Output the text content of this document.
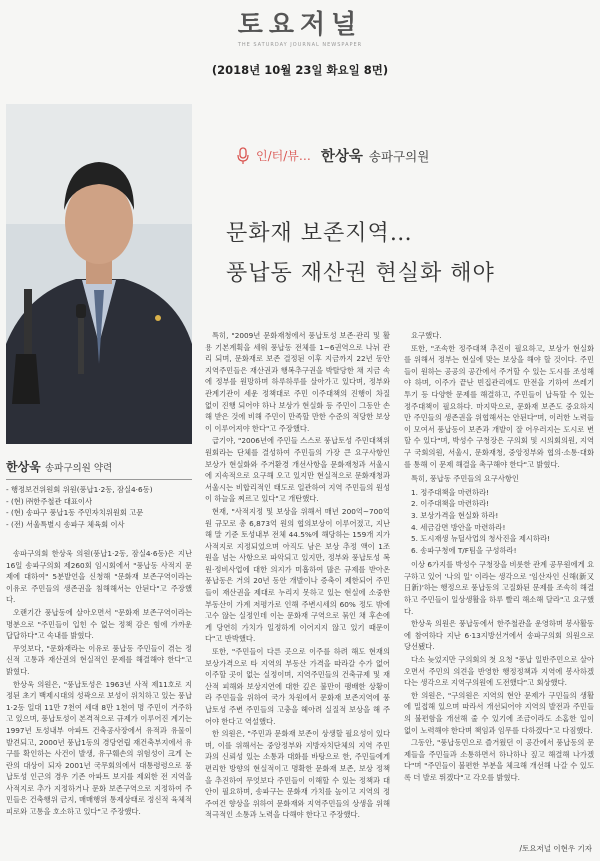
토요저널
THE SATURDAY JOURNAL NEWSPAPER
(2018년 10월 23일 화요일 8면)
인/터/뷰… 한상욱 송파구의원
문화재 보존지역…
풍납동 재산권 현실화 해야
한상욱 송파구의원 약력
- 행정보건위원회 위원(풍납1·2동, 잠실4·6동)
- (현) ㈜한주철관 대표이사
- (현) 송파구 풍납1동 주민자치위원회 고문
- (전) 서울특별시 송파구 체육회 이사

송파구의회 한상욱 의원(풍납1·2동, 잠실4·6동)은 지난 16일 송파구의회 제260회 임시회에서 "풍납동 사적지 문제에 대하여" 5분발언을 신청해 "문화재 보존구역이라는 이유로 주민들의 생존권을 침해해서는 안된다"고 주장했다.

오랜기간 풍납동에 살아오면서 "문화재 보존구역이라는 명분으로 "주민들이 입힌 수 없는 정책 감은 힘에 가까운 답답하다"고 속내를 밝혔다.

무엇보다, "문화재라는 이유로 풍납동 주민들이 겪는 정신적 고통과 재산권의 현실적인 문제를 해결해야 한다"고 밝혔다.

한상욱 의원은, "풍납토성은 1963년 사적 제11호로 지정된 초기 백제시대의 성곽으로 보성이 위치하고 있는 풍납1·2동 일대 11만 7천여 세대 8만 1천여 명 주민이 거주하고 있으며, 풍납토성이 본격적으로 규제가 이루어진 계기는 1997년 토성내부 아파트 건축공사장에서 유적과 유물이 발견되고, 2000년 풍납1동의 경당연립 재건축부지에서 유구를 확인하는 사건이 발생, 유구훼손의 위험성이 크게 논란의 대상이 되자 2001년 국무회의에서 대통령령으로 풍납토성 인근의 경우 기존 아파트 보지를 제외한 전 지역을 사적지로 추가 지정하거나 문화 보존구역으로 지정하여 주민들은 건축행위 금지, 매매행위 통제상태로 정신적 육체적 피로와 고통을 호소하고 있다"고 주장했다.

특히, "2009년 문화재청에서 풍납토성 보존·관리 및 활용 기본계획을 세워 풍납동 전체를 1~6권역으로 나뉘 관리 되며, 문화재로 보존 결정된 이후 지금까지 22년 동안 지역주민들은 재산권과 행복추구권을 박탈당한 채 지금 속에 정부를 원망하며 하루하루를 살아가고 있다며, 정부와 관계기관이 세운 정책대로 주민 이주대책의 진행이 차질 없이 진행 되어야 하나 보상가 현실화 등 주민이 그동안 손해 받은 것에 비해 주민이 만족할 만한 수준의 적당한 보상이 이루어져야 한다"고 주장했다.

급기야, "2006년에 주민들 스스로 풍납토성 주민대책위원회라는 단체를 결성하여 주민들의 가장 큰 요구사항인 보상가 현실화와 주거환경 개선사항을 문화재청과 서울시에 지속적으로 요구해 오고 있지만 현실적으로 문화재청과 서울시는 비합리적인 태도로 일관하여 지역 주민들의 원성이 하늘을 찌르고 있다"고 개탄했다.

현재, "사적지정 및 보상을 위해서 매년 200억~700억원 규모로 총 6,873억 원의 협의보상이 이루어졌고, 지난 해 말 기준 토성내부 전체 44.5%에 해당하는 159개 지가 사적지로 지정되었으며 아직도 남은 보상 추정 액이 1조 원을 넘는 사항으로 파악되고 있지만, 정부와 풍납토성 복원·정비사업에 대한 의지가 미흡하여 많은 규제를 받아온 풍납동은 거의 20년 동안 개발이나 증축이 제한되어 주민들이 재산권을 제대로 누리지 못하고 있는 현실에 소중한 부동산이 가계 저평가로 인해 주변시세의 60% 정도 밖에 고수 않는 실정인데 이는 문화재 구역으로 묶인 채 후손에게 당연히 가치가 일정하게 이어지지 않고 있기 때문이다"고 반박했다.

또한, "주민들이 다른 곳으로 이주를 하려 해도 현재의 보상가격으로 타 지역의 부동산 가격을 따라갈 수가 없어 이주할 곳이 없는 실정이며, 지역주민들의 건축규제 및 재산적 피해와 보상지연에 대한 깊은 불만이 팽배한 상황이라 주민들을 위하여 국가 차원에서 문화재 보존지역에 풍납토성 주변 주민들의 고충을 헤아려 실질적 보상을 해 주어야 한다고 역설했다.

한 의원은, "주민과 문화재 보존이 상생할 필요성이 있다며, 이를 위해서는 중앙정부와 지방자치단체의 지역 주민과의 신뢰성 있는 소통과 대화를 바탕으로 한, 주민들에게 편리한 방향의 현실적이고 명확한 문화재 보존, 보상 정책을 추진하여 무엇보다 주민들이 이해할 수 있는 정책과 대안이 필요하며, 송파구는 문화재 가치를 높이고 지역의 정주여건 향상을 위하여 문화재와 지역주민들의 상생을 위해 적극적인 소통과 노력을 다해야 한다고 주장했다.

요구했다.

또한, "조속한 정주대책 추진이 필요하고, 보상가 현실화를 위해서 정부는 현실에 맞는 보상을 해야 할 것이다. 주민들이 원하는 공공의 공간에서 주거할 수 있는 도시를 조성해야 하며, 이주가 끝난 빈집관리에도 만전을 기하여 쓰레기 투기 등 다양한 문제를 해결하고, 주민들이 납득할 수 있는 정주대책이 필요하다. 마지막으로, 문화재 보존도 중요하지만 주민들의 생존권을 위협해서는 안된다"며, 이러한 노력들이 모여서 풍납동이 보존과 개발이 잘 어우러지는 도시로 변할 수 있다"며, 박성수 구청장은 구의회 및 시의회의원, 지역구 국회의원, 서울시, 문화재청, 중앙정부와 협의·소통·대화를 통해 이 문제 해결을 촉구해야 한다"고 밝혔다.

특히, 풍납동 주민들의 요구사항인
1. 정주대책을 마련하라!
2. 이주대책을 마련하라!
3. 보상가격을 현실화 하라!
4. 세금감면 방안을 마련하라!
5. 도시재생 뉴딜사업의 청사진을 제시하라!
6. 송파구청에 T/F팀을 구성하라!

이상 6가지를 박성수 구청장을 비롯한 관계 공무원에게 요구하고 있어 '나의 일' 이라는 생각으로 '임산자인 신해(新又日新)'하는 행정으로 풍납동의 고질화된 문제를 조속히 해결하고 주민들이 일상생활을 하루 빨리 해소해 달라"고 요구했다.

한상욱 의원은 풍납동에서 한주철관을 운영하며 봉사활동에 참여하다 지난 6·13지방선거에서 송파구의회 의원으로 당선됐다.

다소 늦었지만 구의회의 첫 요청 "풍납 일반주민으로 살아오면서 주민의 의견을 반영한 행정정책과 지역에 봉사하겠다는 생각으로 지역구의원에 도전했다"고 회상했다.

한 의원은, "구의원은 지역의 현안 문제가 구민들의 생활에 밀접해 있으며 따라서 개선되어야 지역의 발전과 주민들의 불편함을 개선해 줄 수 있기에 조금이라도 소홈한 일이 없이 노력해야 한다며 책임과 임무를 다하겠다"고 다짐했다.

그동안, "풍납동민으로 즐거웠던 이 공간에서 풍납동의 문제들을 주민들과 소통하면서 하나하나 짚고 해결해 나가겠다"며 "주민들이 불편한 부분을 체크해 개선해 나갈 수 있도록 더 발로 뛰겠다"고 각오를 밝혔다.

/토요저널 이현우 기자
